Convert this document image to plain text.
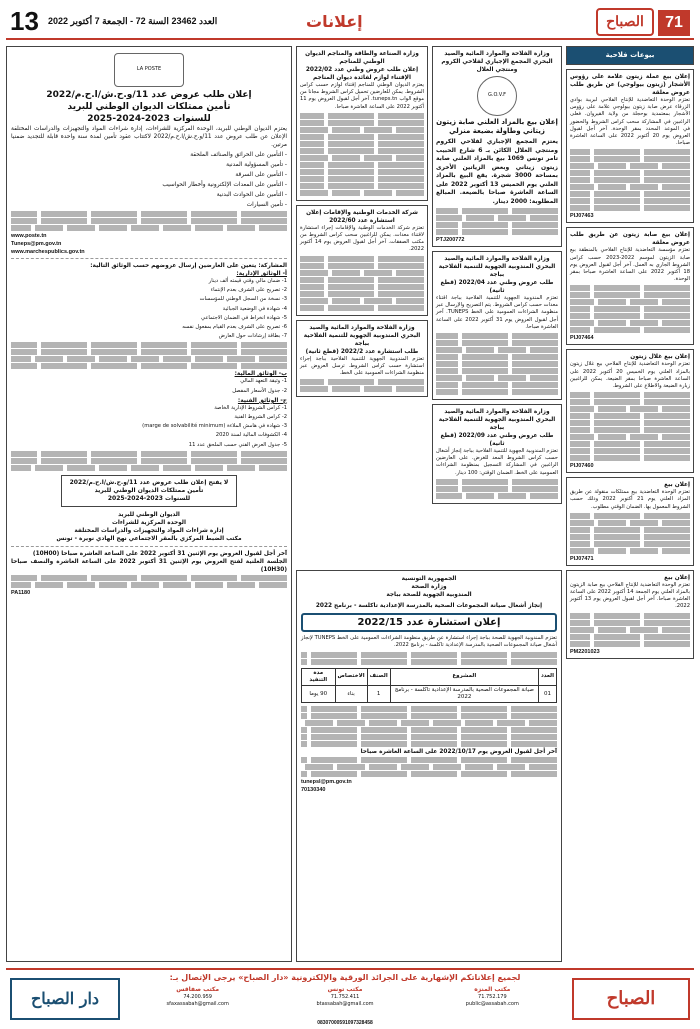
13 العدد 23462 السنة 72 - الجمعة 7 أكتوبر 2022	إعلانات	الصباح	71
بيوعات فلاحية
إعلان بيع عملة زيتون علامة على رؤوس الأشجار (زيتون بيولوجي) عن طريق طلب عروض مغلقة
تعتزم الوحدة التعاضدية للإنتاج الفلاحي لبريبة بوادي الزرقاء عرض صابة زيتون بيولوجي علامة على رؤوس الأشجار بمعتمدية بوحجلة من ولاية القيروان. فعلى الراغبين في المشاركة سحب كراس الشروط والحضور في الموعد المحدد بمقر الوحدة. آخر أجل لقبول العروض يوم 20 أكتوبر 2022 على الساعة العاشرة صباحا.
PIJ07463
إعلان بيع صابة زيتون عن طريق طلب عروض مغلقة
تعتزم مؤسسة التعاضدية للإنتاج الفلاحي بالمنطقة بيع صابة الزيتون لموسم 2022-2023 حسب كراس الشروط الجاري به العمل. آخر أجل لقبول العروض يوم 18 أكتوبر 2022 على الساعة العاشرة صباحا بمقر الوحدة.
PIJ07464
إعلان بيع غلال زيتون
تعتزم الوحدة التعاضدية للإنتاج الفلاحي بيع غلال زيتون بالمزاد العلني يوم الخميس 20 أكتوبر 2022 على الساعة العاشرة صباحا بمقر الضيعة. يمكن للراغبين زيارة الضيعة والاطلاع على الشروط.
PIJ07460
إعلان بيع
تعتزم الوحدة التعاضدية بيع ممتلكات منقولة عن طريق المزاد العلني يوم 21 أكتوبر 2022 وذلك حسب الشروط المعمول بها. الضمان الوقتي مطلوب.
PIJ07471
إعلان بيع
تعتزم الوحدة التعاضدية للإنتاج الفلاحي بيع صابة الزيتون بالمزاد العلني يوم الجمعة 14 أكتوبر 2022 على الساعة العاشرة صباحا. آخر أجل لقبول العروض يوم 13 أكتوبر 2022.
PM2201023
وزارة الفلاحة والموارد المائية والصيد البحري المجمع الإجباري لفلاحي الكروم ومنتجي الغلال
G.O.V.F
إعلان بيع بالمزاد العلني صابة زيتون زيتاني وطاولة بضيعة منزلي
يعتزم المجمع الإجباري لفلاحي الكروم ومنتجي الغلال الكائن بـ 6 شارع الحبيب تامر تونس 1069 بيع بالمزاد العلني صابة زيتون زيتاني وبعض الزياتين الأخرى بمساحة 3000 شجرة. يقع البيع بالمزاد العلني يوم الخميس 13 أكتوبر 2022 على الساعة العاشرة صباحا بالضيعة. المبالغ المطلوبة: 2000 دينار.
PTJ200772
وزارة الفلاحة والموارد المائية والصيد البحري المندوبية الجهوية للتنمية الفلاحية بباجة
طلب عروض وطني عدد 2022/04 (قطع ثانية)
تعتزم المندوبية الجهوية للتنمية الفلاحية بباجة اقتناء معدات حسب كراس الشروط. يتم التصريح والإرسال عبر منظومة الشراءات العمومية على الخط TUNEPS. آخر أجل لقبول العروض يوم 31 أكتوبر 2022 على الساعة العاشرة صباحا.
وزارة الفلاحة والموارد المائية والصيد البحري المندوبية الجهوية للتنمية الفلاحية بباجة
طلب عروض وطني عدد 2022/09 (قطع ثانية)
تعتزم المندوبية الجهوية للتنمية الفلاحية بباجة إنجاز أشغال حسب كراس الشروط المعد للغرض. على العارضين الراغبين في المشاركة التسجيل بمنظومة الشراءات العمومية على الخط. الضمان الوقتي: 100 دينار.
وزارة الصناعة والطاقة والمناجم الديوان الوطني للمناجم
إعلان طلب عروض وطني عدد 2022/02 الإقتناء لوازم لفائدة ديوان المناجم
يعتزم الديوان الوطني للمناجم إقتناء لوازم حسب كراس الشروط. يمكن للعارضين تحميل كراس الشروط مجانا من موقع الواب tuneps.tn. آخر أجل لقبول العروض يوم 11 أكتوبر 2022 على الساعة العاشرة صباحا.
شركة الخدمات الوطنية والإقامات إعلان استشارة عدد 2022/60
تعتزم شركة الخدمات الوطنية والإقامات إجراء استشارة لاقتناء معدات. يمكن للراغبين سحب كراس الشروط من مكتب الصفقات. آخر أجل لقبول العروض يوم 14 أكتوبر 2022.
وزارة الفلاحة والموارد المائية والصيد البحري المندوبية الجهوية للتنمية الفلاحية بباجة
طلب استشارة عدد 2022/2 (قطع ثانية)
تعتزم المندوبية الجهوية للتنمية الفلاحية بباجة إجراء استشارة حسب كراس الشروط. ترسل العروض عبر منظومة الشراءات العمومية على الخط.
الجمهورية التونسية
وزارة الصحة
المندوبية الجهوية للصحة بباجة
إنجاز أشغال صيانة المجموعات الصحية بالمدرسة الإعدادية تاكلسة - برنامج 2022
إعلان استشارة عدد 2022/15
تعتزم المندوبية الجهوية للصحة بباجة إجراء استشارة عن طريق منظومة الشراءات العمومية على الخط TUNEPS لإنجاز أشغال صيانة المجموعات الصحية بالمدرسة الإعدادية تاكلسة - برنامج 2022.
العدد	المشروع	الصنف	الاختصاص	مدة التنفيذ
01	صيانة المجموعات الصحية بالمدرسة الإعدادية تاكلسة - برنامج 2022	1	بناء	90 يوما
آخر أجل لقبول العروض يوم 2022/10/17 على الساعة العاشرة صباحا
tunepsl@pm.gov.tn
70130340
LA POSTE
إعلان طلب عروض عدد 11/و.ح.ش/ا.ح.م/2022
تأمين ممتلكات الديوان الوطني للبريد
للسنوات 2023-2024-2025
يعتزم الديوان الوطني للبريد، الوحدة المركزية للشراءات، إدارة شراءات المواد والتجهيزات والدراسات المختلفة الإعلان عن طلب عروض عدد 11/و.ح.ش/ا.ح.م/2022 لاكتتاب عقود تأمين لمدة سنة واحدة قابلة للتجديد ضمنيا مرتين.
- التأمين على الحرائق والصنائف الملحقة
- تأمين المسؤولية المدنية
- التأمين على السرقة
- التأمين على المعدات الإلكترونية وأخطار الحواسيب
- التأمين على الحوادث البدنية
- تأمين السيارات
www.poste.tn
Tuneps@pm.gov.tn
www.marchespublics.gov.tn
المشاركة: يتعين على العارضين إرسال عروضهم حسب الوثائق التالية:
أ- الوثائق الإدارية:
1- ضمان مالي وقتي قيمته ألف دينار
2- تصريح على الشرف بعدم الإنتماء
3- نسخة من السجل الوطني للمؤسسات
4- شهادة في الوضعية الجبائية
5- شهادة انخراط في الضمان الاجتماعي
6- تصريح على الشرف بعدم القيام بمفعول نفسه
7- بطاقة إرشادات حول العارض
ب- الوثائق المالية:
1- وثيقة التعهد المالي
2- جدول الأسعار المفصل
ج- الوثائق الفنية:
1- كراس الشروط الإدارية الخاصة
2- كراس الشروط الفنية
3- شهادة في هامش الملاءة (marge de solvabilité minimum)
4- الكشوفات المالية لسنة 2020
5- جدول العرض الفني حسب الملحق عدد 11
لا يفتح إعلان طلب عروض عدد 11/و.ح.ش/ا.ح.م/2022
تأمين ممتلكات الديوان الوطني للبريد
للسنوات 2023-2024-2025
الديوان الوطني للبريد
الوحدة المركزية للشراءات
إدارة شراءات المواد والتجهيزات والدراسات المختلفة
مكتب الضبط المركزي بالمقر الاجتماعي نهج الهادي نويرة - تونس
آخر أجل لقبول العروض يوم الإثنين 31 أكتوبر 2022 على الساعة العاشرة صباحا (10H00)
الجلسة العلنية لفتح العروض يوم الإثنين 31 أكتوبر 2022 على الساعة العاشرة والنصف صباحا (10H30)
PA1180
الصباح
دار الصباح
لجميع إعلاناتكم الإشهارية على الجرائد الورقية والإلكترونية «دار الصباح» يرجى الإتصال بـ:
مكتب المنزه
71.752.179
public@assabah.com
مكتب تونس
71.752.411
btassabah@gmail.com
مكتب صفاقس
74.200.959
sfaxassabah@gmail.com
08307000591097328458
